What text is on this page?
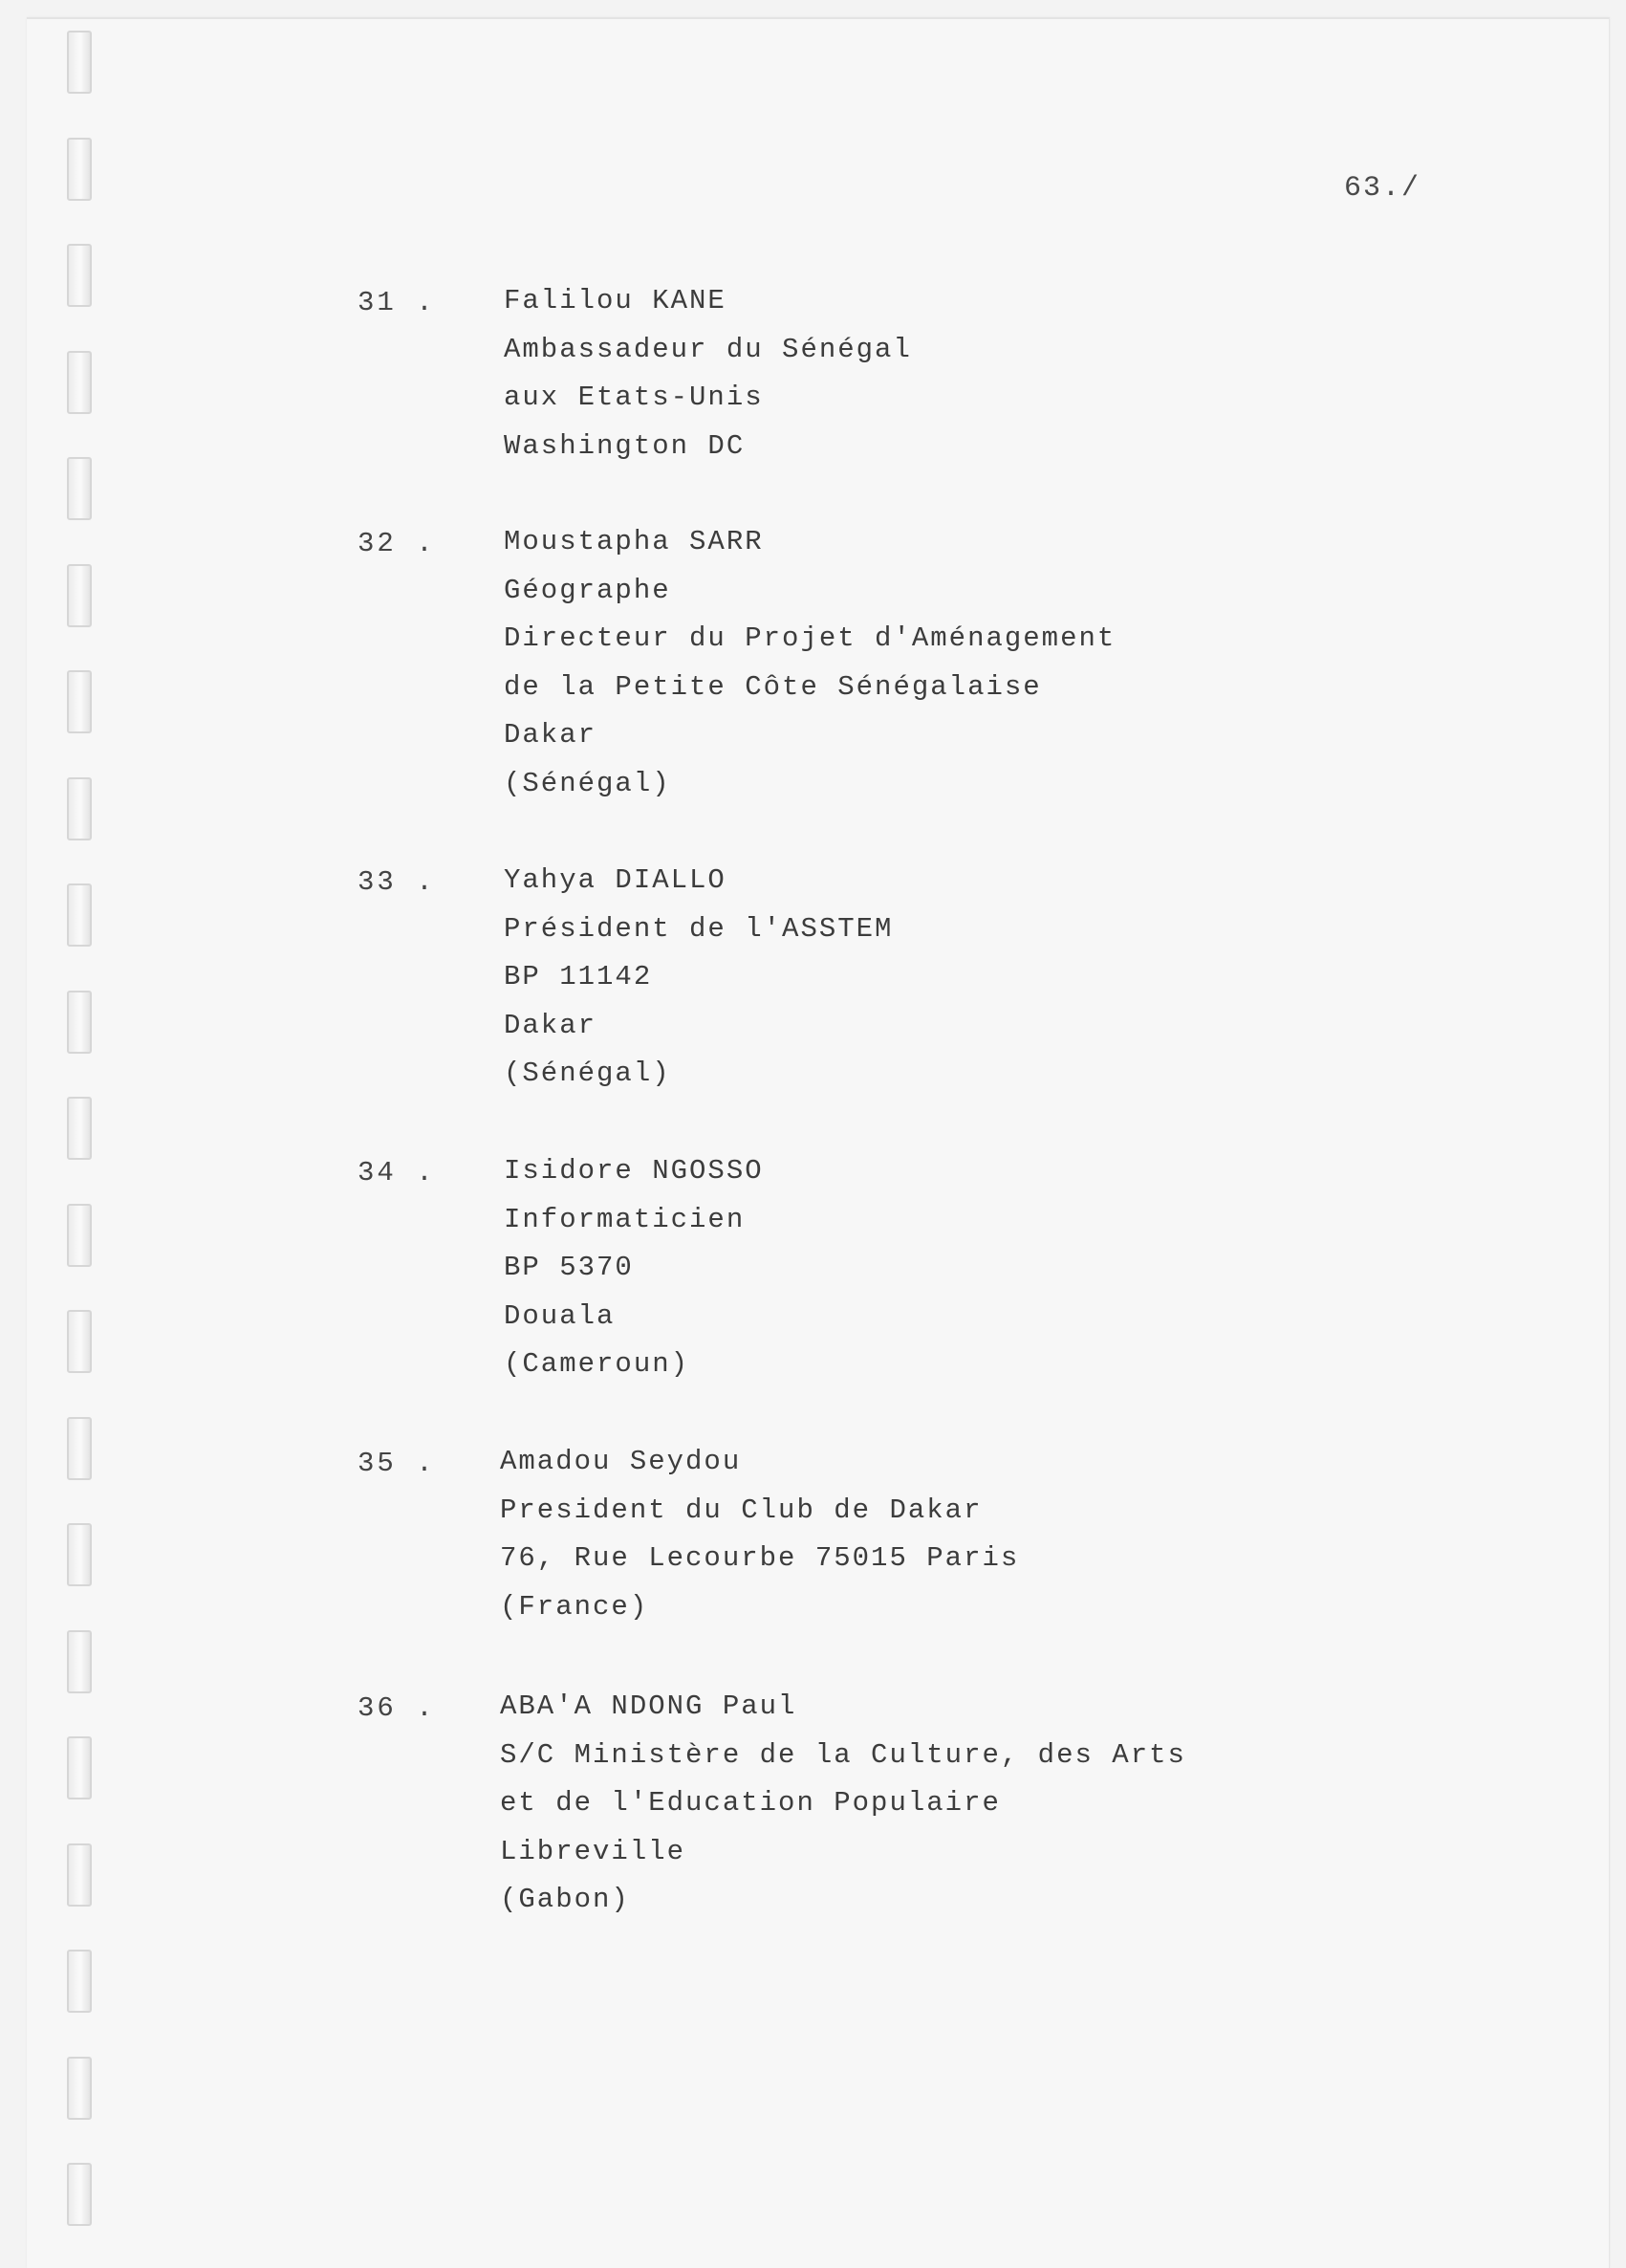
63./
31 .	Falilou KANE
Ambassadeur du Sénégal
aux Etats-Unis
Washington DC
32 .	Moustapha SARR
Géographe
Directeur du Projet d'Aménagement
de la Petite Côte Sénégalaise
Dakar
(Sénégal)
33 .	Yahya DIALLO
Président de l'ASSTEM
BP 11142
Dakar
(Sénégal)
34 .	Isidore NGOSSO
Informaticien
BP 5370
Douala
(Cameroun)
35 .	Amadou Seydou
President du Club de Dakar
76, Rue Lecourbe 75015 Paris
(France)
36 .	ABA'A NDONG Paul
S/C Ministère de la Culture, des Arts
et de l'Education Populaire
Libreville
(Gabon)
